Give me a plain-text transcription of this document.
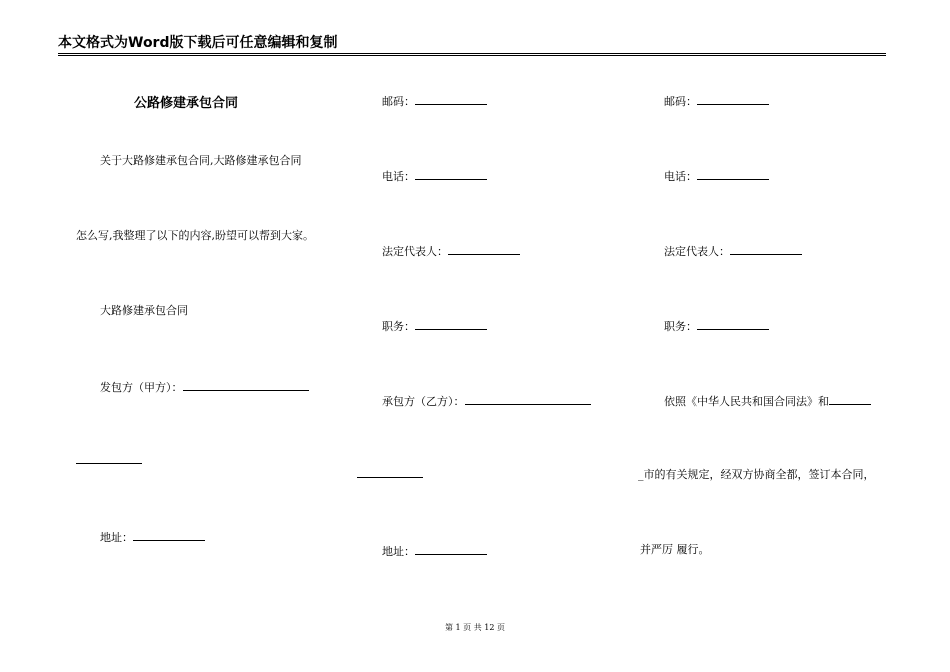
本文格式为Word版下载后可任意编辑和复制
公路修建承包合同
关于大路修建承包合同,大路修建承包合同
怎么写,我整理了以下的内容,盼望可以帮到大家。
大路修建承包合同
发包方（甲方）：
地址：
邮码：
电话：
法定代表人：
职务：
承包方（乙方）：
地址：
邮码：
电话：
法定代表人：
职务：
依照《中华人民共和国合同法》和
_市的有关规定，经双方协商全都，签订本合同，
并严厉 履行。
第 1 页 共 12 页
